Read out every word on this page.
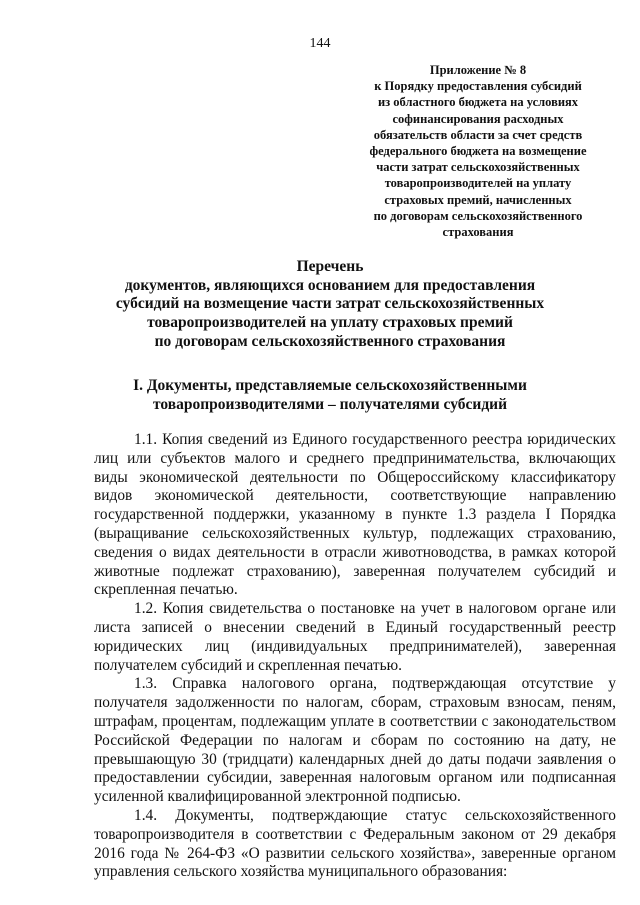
144
Приложение № 8
к Порядку предоставления субсидий
из областного бюджета на условиях
софинансирования расходных
обязательств области за счет средств
федерального бюджета на возмещение
части затрат сельскохозяйственных
товаропроизводителей на уплату
страховых премий, начисленных
по договорам сельскохозяйственного
страхования
Перечень
документов, являющихся основанием для предоставления
субсидий на возмещение части затрат сельскохозяйственных
товаропроизводителей на уплату страховых премий
по договорам сельскохозяйственного страхования
I. Документы, представляемые сельскохозяйственными
товаропроизводителями – получателями субсидий

1.1. Копия сведений из Единого государственного реестра юридических лиц или субъектов малого и среднего предпринимательства, включающих виды экономической деятельности по Общероссийскому классификатору видов экономической деятельности, соответствующие направлению государственной поддержки, указанному в пункте 1.3 раздела I Порядка (выращивание сельскохозяйственных культур, подлежащих страхованию, сведения о видах деятельности в отрасли животноводства, в рамках которой животные подлежат страхованию), заверенная получателем субсидий и скрепленная печатью.

1.2. Копия свидетельства о постановке на учет в налоговом органе или листа записей о внесении сведений в Единый государственный реестр юридических лиц (индивидуальных предпринимателей), заверенная получателем субсидий и скрепленная печатью.

1.3. Справка налогового органа, подтверждающая отсутствие у получателя задолженности по налогам, сборам, страховым взносам, пеням, штрафам, процентам, подлежащим уплате в соответствии с законодательством Российской Федерации по налогам и сборам по состоянию на дату, не превышающую 30 (тридцати) календарных дней до даты подачи заявления о предоставлении субсидии, заверенная налоговым органом или подписанная усиленной квалифицированной электронной подписью.

1.4. Документы, подтверждающие статус сельскохозяйственного товаропроизводителя в соответствии с Федеральным законом от 29 декабря 2016 года № 264-ФЗ «О развитии сельского хозяйства», заверенные органом управления сельского хозяйства муниципального образования:
